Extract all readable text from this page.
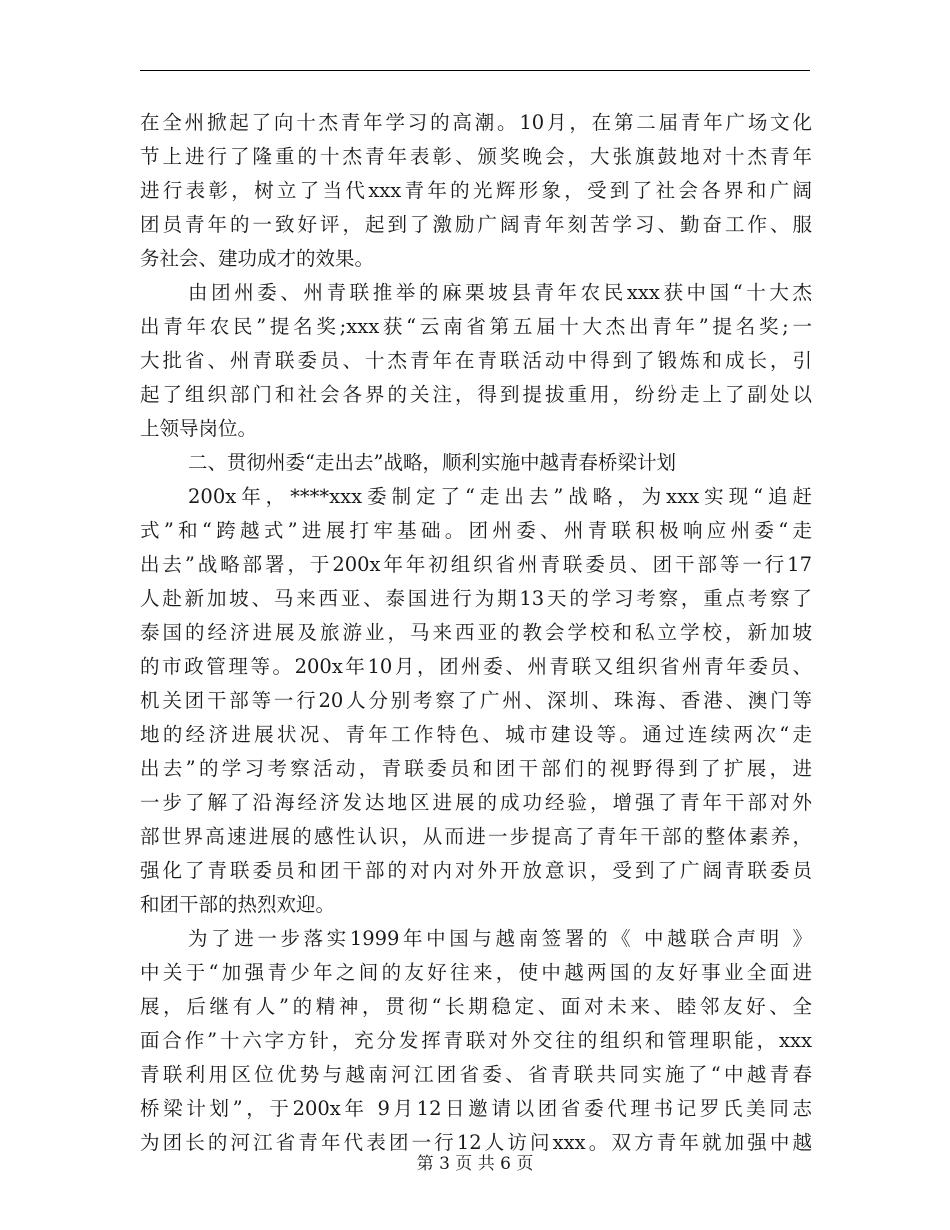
在全州掀起了向十杰青年学习的高潮。10月，在第二届青年广场文化
节上进行了隆重的十杰青年表彰、颁奖晚会，大张旗鼓地对十杰青年
进行表彰，树立了当代xxx青年的光辉形象，受到了社会各界和广阔
团员青年的一致好评，起到了激励广阔青年刻苦学习、勤奋工作、服
务社会、建功成才的效果。
由团州委、州青联推举的麻栗坡县青年农民xxx获中国“十大杰
出青年农民”提名奖;xxx获“云南省第五届十大杰出青年”提名奖;一
大批省、州青联委员、十杰青年在青联活动中得到了锻炼和成长，引
起了组织部门和社会各界的关注，得到提拔重用，纷纷走上了副处以
上领导岗位。
二、贯彻州委“走出去”战略，顺利实施中越青春桥梁计划
200x年，****xxx委制定了“走出去”战略，为xxx实现“追赶
式”和“跨越式”进展打牢基础。团州委、州青联积极响应州委“走
出去”战略部署，于200x年年初组织省州青联委员、团干部等一行17
人赴新加坡、马来西亚、泰国进行为期13天的学习考察，重点考察了
泰国的经济进展及旅游业，马来西亚的教会学校和私立学校，新加坡
的市政管理等。200x年10月，团州委、州青联又组织省州青年委员、
机关团干部等一行20人分别考察了广州、深圳、珠海、香港、澳门等
地的经济进展状况、青年工作特色、城市建设等。通过连续两次“走
出去”的学习考察活动，青联委员和团干部们的视野得到了扩展，进
一步了解了沿海经济发达地区进展的成功经验，增强了青年干部对外
部世界高速进展的感性认识，从而进一步提高了青年干部的整体素养，
强化了青联委员和团干部的对内对外开放意识，受到了广阔青联委员
和团干部的热烈欢迎。
为了进一步落实1999年中国与越南签署的《 中越联合声明 》
中关于“加强青少年之间的友好往来，使中越两国的友好事业全面进
展，后继有人”的精神，贯彻“长期稳定、面对未来、睦邻友好、全
面合作”十六字方针，充分发挥青联对外交往的组织和管理职能，xxx
青联利用区位优势与越南河江团省委、省青联共同实施了“中越青春
桥梁计划”，于200x年 9月12日邀请以团省委代理书记罗氏美同志
为团长的河江省青年代表团一行12人访问xxx。双方青年就加强中越
第 3 页 共 6 页
